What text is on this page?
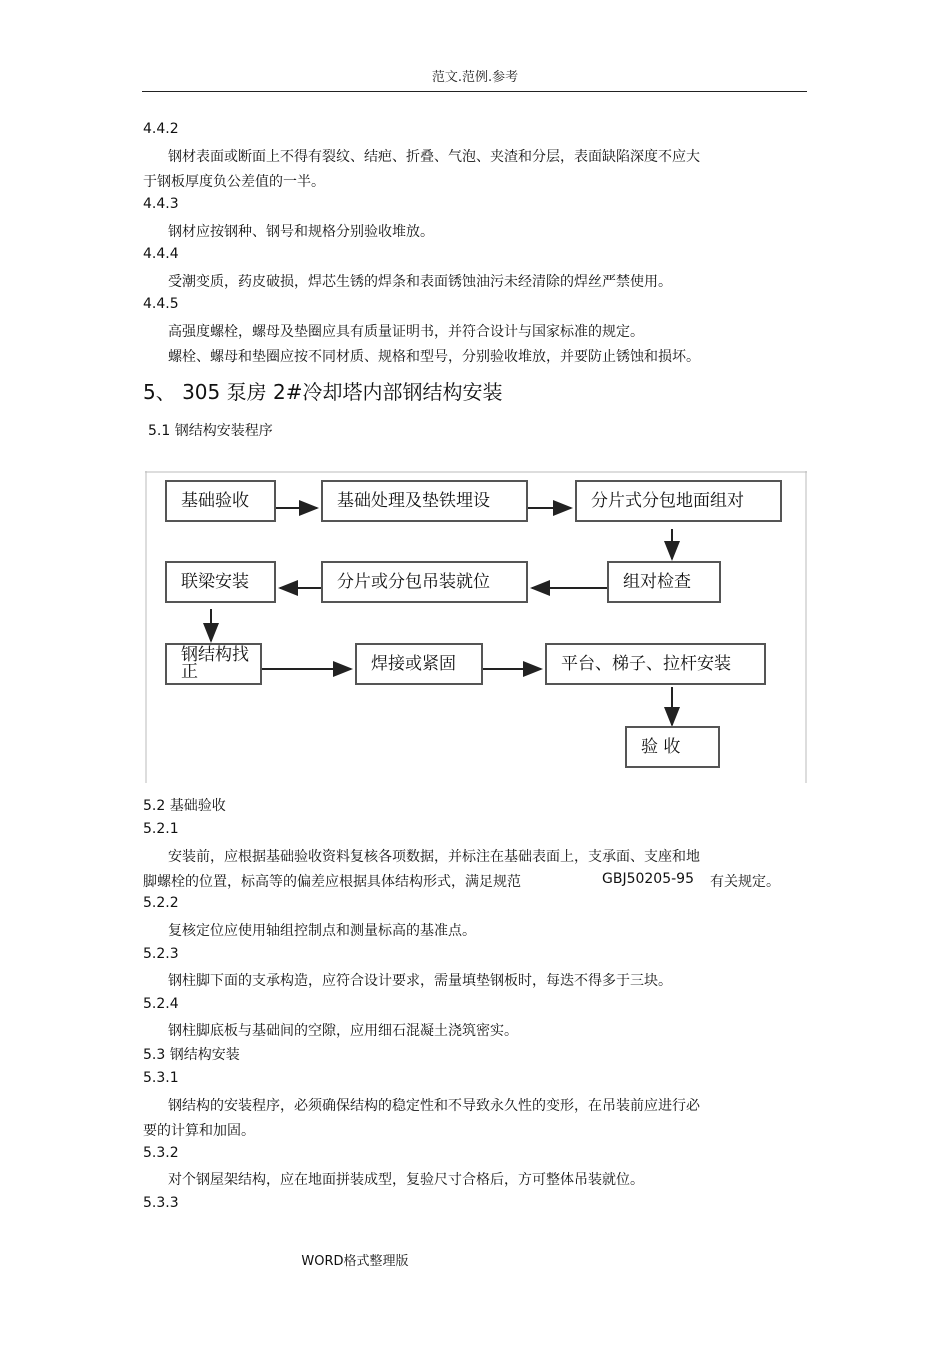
范文.范例.参考
4.4.2
钢材表面或断面上不得有裂纹、结疤、折叠、气泡、夹渣和分层，表面缺陷深度不应大
于钢板厚度负公差值的一半。
4.4.3
钢材应按钢种、钢号和规格分别验收堆放。
4.4.4
受潮变质，药皮破损，焊芯生锈的焊条和表面锈蚀油污未经清除的焊丝严禁使用。
4.4.5
高强度螺栓，螺母及垫圈应具有质量证明书，并符合设计与国家标准的规定。
螺栓、螺母和垫圈应按不同材质、规格和型号，分别验收堆放，并要防止锈蚀和损坏。
5、 305 泵房 2#冷却塔内部钢结构安装
5.1 钢结构安装程序
基础验收	基础处理及垫铁埋设	分片式分包地面组对
组对检查
分片或分包吊装就位
联梁安装
钢结构找正	焊接或紧固	平台、梯子、拉杆安装
验 收
5.2 基础验收
5.2.1
安装前，应根据基础验收资料复核各项数据，并标注在基础表面上，支承面、支座和地
脚螺栓的位置，标高等的偏差应根据具体结构形式，满足规范	GBJ50205-95 有关规定。
5.2.2
复核定位应使用轴组控制点和测量标高的基准点。
5.2.3
钢柱脚下面的支承构造，应符合设计要求，需量填垫钢板时，每迭不得多于三块。
5.2.4
钢柱脚底板与基础间的空隙，应用细石混凝土浇筑密实。
5.3 钢结构安装
5.3.1
钢结构的安装程序，必须确保结构的稳定性和不导致永久性的变形，在吊装前应进行必
要的计算和加固。
5.3.2
对个钢屋架结构，应在地面拼装成型，复验尺寸合格后，方可整体吊装就位。
5.3.3
WORD格式整理版
